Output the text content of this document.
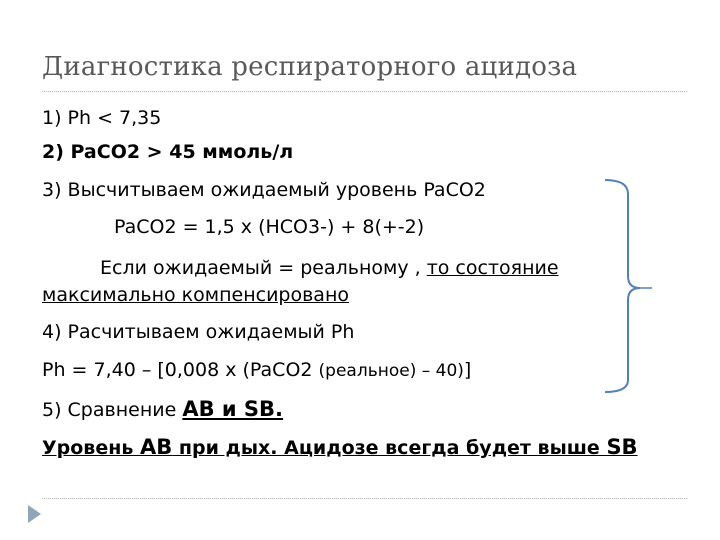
Диагностика респираторного ацидоза
1) Ph < 7,35
2) PaCO2 > 45 ммоль/л
3) Высчитываем ожидаемый уровень PaCO2
PaCO2 = 1,5 х (HCO3-) + 8(+-2)
Если ожидаемый = реальному , то состояние
максимально компенсировано
4) Расчитываем ожидаемый Ph
Ph = 7,40 – [0,008 х (PaCO2 (реальное) – 40)]
5) Сравнение АВ и SB.
Уровень АВ при дых. Ацидозе всегда будет выше SB
